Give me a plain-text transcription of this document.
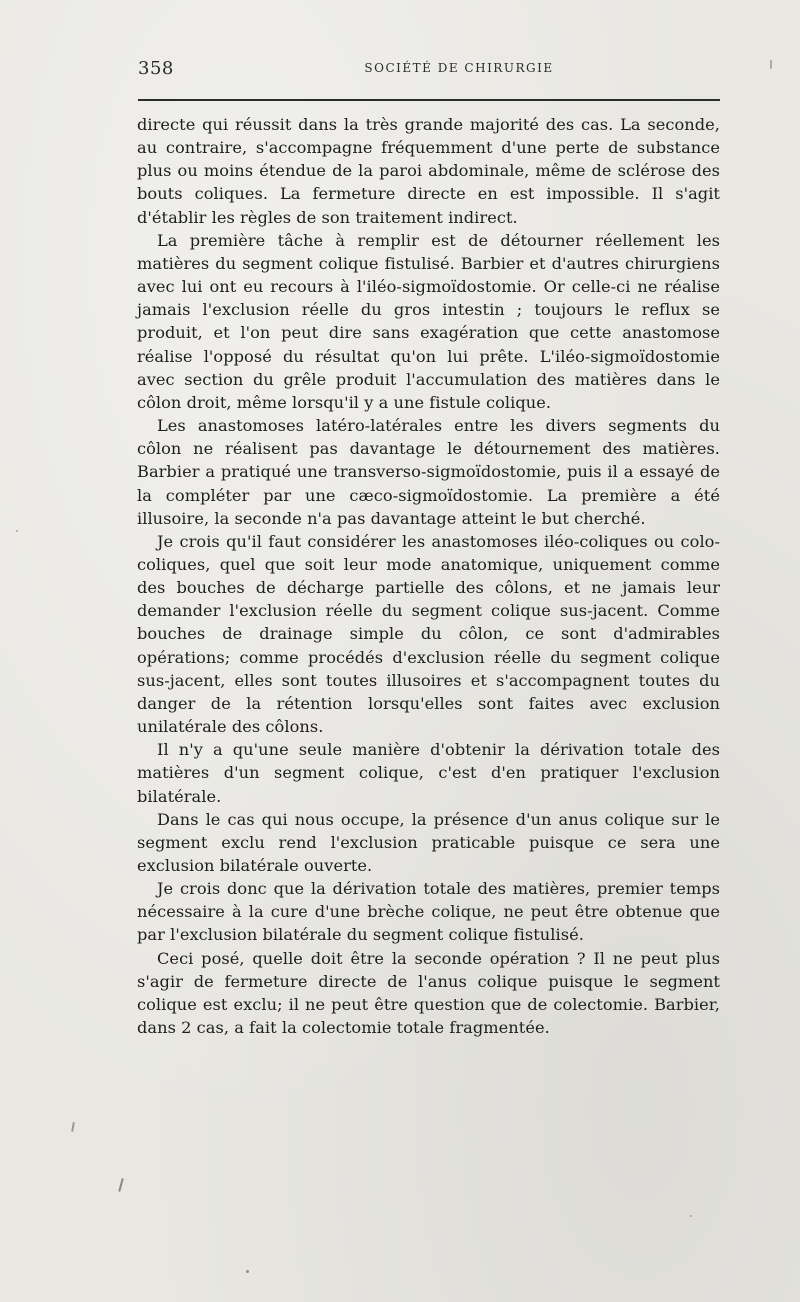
358	SOCIÉTÉ DE CHIRURGIE

directe qui réussit dans la très grande majorité des cas. La seconde, au contraire, s'accompagne fréquemment d'une perte de substance plus ou moins étendue de la paroi abdominale, même de sclérose des bouts coliques. La fermeture directe en est impossible. Il s'agit d'établir les règles de son traitement indirect.

La première tâche à remplir est de détourner réellement les matières du segment colique fistulisé. Barbier et d'autres chirurgiens avec lui ont eu recours à l'iléo-sigmoïdostomie. Or celle-ci ne réalise jamais l'exclusion réelle du gros intestin ; toujours le reflux se produit, et l'on peut dire sans exagération que cette anastomose réalise l'opposé du résultat qu'on lui prête. L'iléo-sigmoïdostomie avec section du grêle produit l'accumulation des matières dans le côlon droit, même lorsqu'il y a une fistule colique.

Les anastomoses latéro-latérales entre les divers segments du côlon ne réalisent pas davantage le détournement des matières. Barbier a pratiqué une transverso-sigmoïdostomie, puis il a essayé de la compléter par une cæco-sigmoïdostomie. La première a été illusoire, la seconde n'a pas davantage atteint le but cherché.

Je crois qu'il faut considérer les anastomoses iléo-coliques ou colo-coliques, quel que soit leur mode anatomique, uniquement comme des bouches de décharge partielle des côlons, et ne jamais leur demander l'exclusion réelle du segment colique sus-jacent. Comme bouches de drainage simple du côlon, ce sont d'admirables opérations; comme procédés d'exclusion réelle du segment colique sus-jacent, elles sont toutes illusoires et s'accompagnent toutes du danger de la rétention lorsqu'elles sont faites avec exclusion unilatérale des côlons.

Il n'y a qu'une seule manière d'obtenir la dérivation totale des matières d'un segment colique, c'est d'en pratiquer l'exclusion bilatérale.

Dans le cas qui nous occupe, la présence d'un anus colique sur le segment exclu rend l'exclusion praticable puisque ce sera une exclusion bilatérale ouverte.

Je crois donc que la dérivation totale des matières, premier temps nécessaire à la cure d'une brèche colique, ne peut être obtenue que par l'exclusion bilatérale du segment colique fistulisé.

Ceci posé, quelle doit être la seconde opération ? Il ne peut plus s'agir de fermeture directe de l'anus colique puisque le segment colique est exclu; il ne peut être question que de colectomie. Barbier, dans 2 cas, a fait la colectomie totale fragmentée.
